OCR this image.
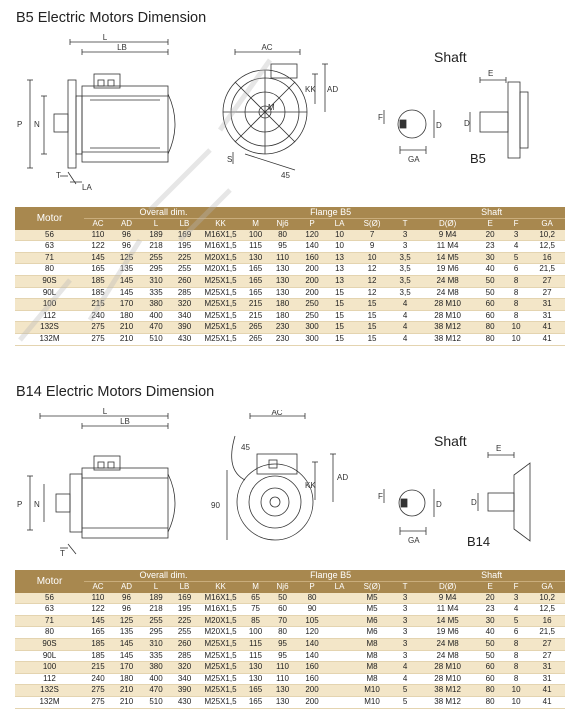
B5 Electric Motors Dimension
L
LB
P N
T
LA
AC
M
KK AD
S
45
Shaft
F
D
GA
E
D
B5
Motor	Overall dim.					Flange B5						Shaft			
	AC	AD	L	LB	KK	M	Nj6	P	LA	S(Ø)	T	D(Ø)	E	F	GA
56	110	96	189	169	M16X1,5	100	80	120	10	7	3	9 M4	20	3	10,2
63	122	96	218	195	M16X1,5	115	95	140	10	9	3	11 M4	23	4	12,5
71	145	125	255	225	M20X1,5	130	110	160	13	10	3,5	14 M5	30	5	16
80	165	135	295	255	M20X1,5	165	130	200	13	12	3,5	19 M6	40	6	21,5
90S	185	145	310	260	M25X1,5	165	130	200	13	12	3,5	24 M8	50	8	27
90L	185	145	335	285	M25X1,5	165	130	200	15	12	3,5	24 M8	50	8	27
100	215	170	380	320	M25X1,5	215	180	250	15	15	4	28 M10	60	8	31
112	240	180	400	340	M25X1,5	215	180	250	15	15	4	28 M10	60	8	31
132S	275	210	470	390	M25X1,5	265	230	300	15	15	4	38 M12	80	10	41
132M	275	210	510	430	M25X1,5	265	230	300	15	15	4	38 M12	80	10	41
B14 Electric Motors Dimension
L
LB
P N
T
AC
45
90
KK
AD
Shaft
F
D
GA
E
D
B14
Motor	Overall dim.					Flange B5						Shaft			
	AC	AD	L	LB	KK	M	Nj6	P	LA	S(Ø)	T	D(Ø)	E	F	GA
56	110	96	189	169	M16X1,5	65	50	80		M5	3	9 M4	20	3	10,2
63	122	96	218	195	M16X1,5	75	60	90		M5	3	11 M4	23	4	12,5
71	145	125	255	225	M20X1,5	85	70	105		M6	3	14 M5	30	5	16
80	165	135	295	255	M20X1,5	100	80	120		M6	3	19 M6	40	6	21,5
90S	185	145	310	260	M25X1,5	115	95	140		M8	3	24 M8	50	8	27
90L	185	145	335	285	M25X1,5	115	95	140		M8	3	24 M8	50	8	27
100	215	170	380	320	M25X1,5	130	110	160		M8	4	28 M10	60	8	31
112	240	180	400	340	M25X1,5	130	110	160		M8	4	28 M10	60	8	31
132S	275	210	470	390	M25X1,5	165	130	200		M10	5	38 M12	80	10	41
132M	275	210	510	430	M25X1,5	165	130	200		M10	5	38 M12	80	10	41
